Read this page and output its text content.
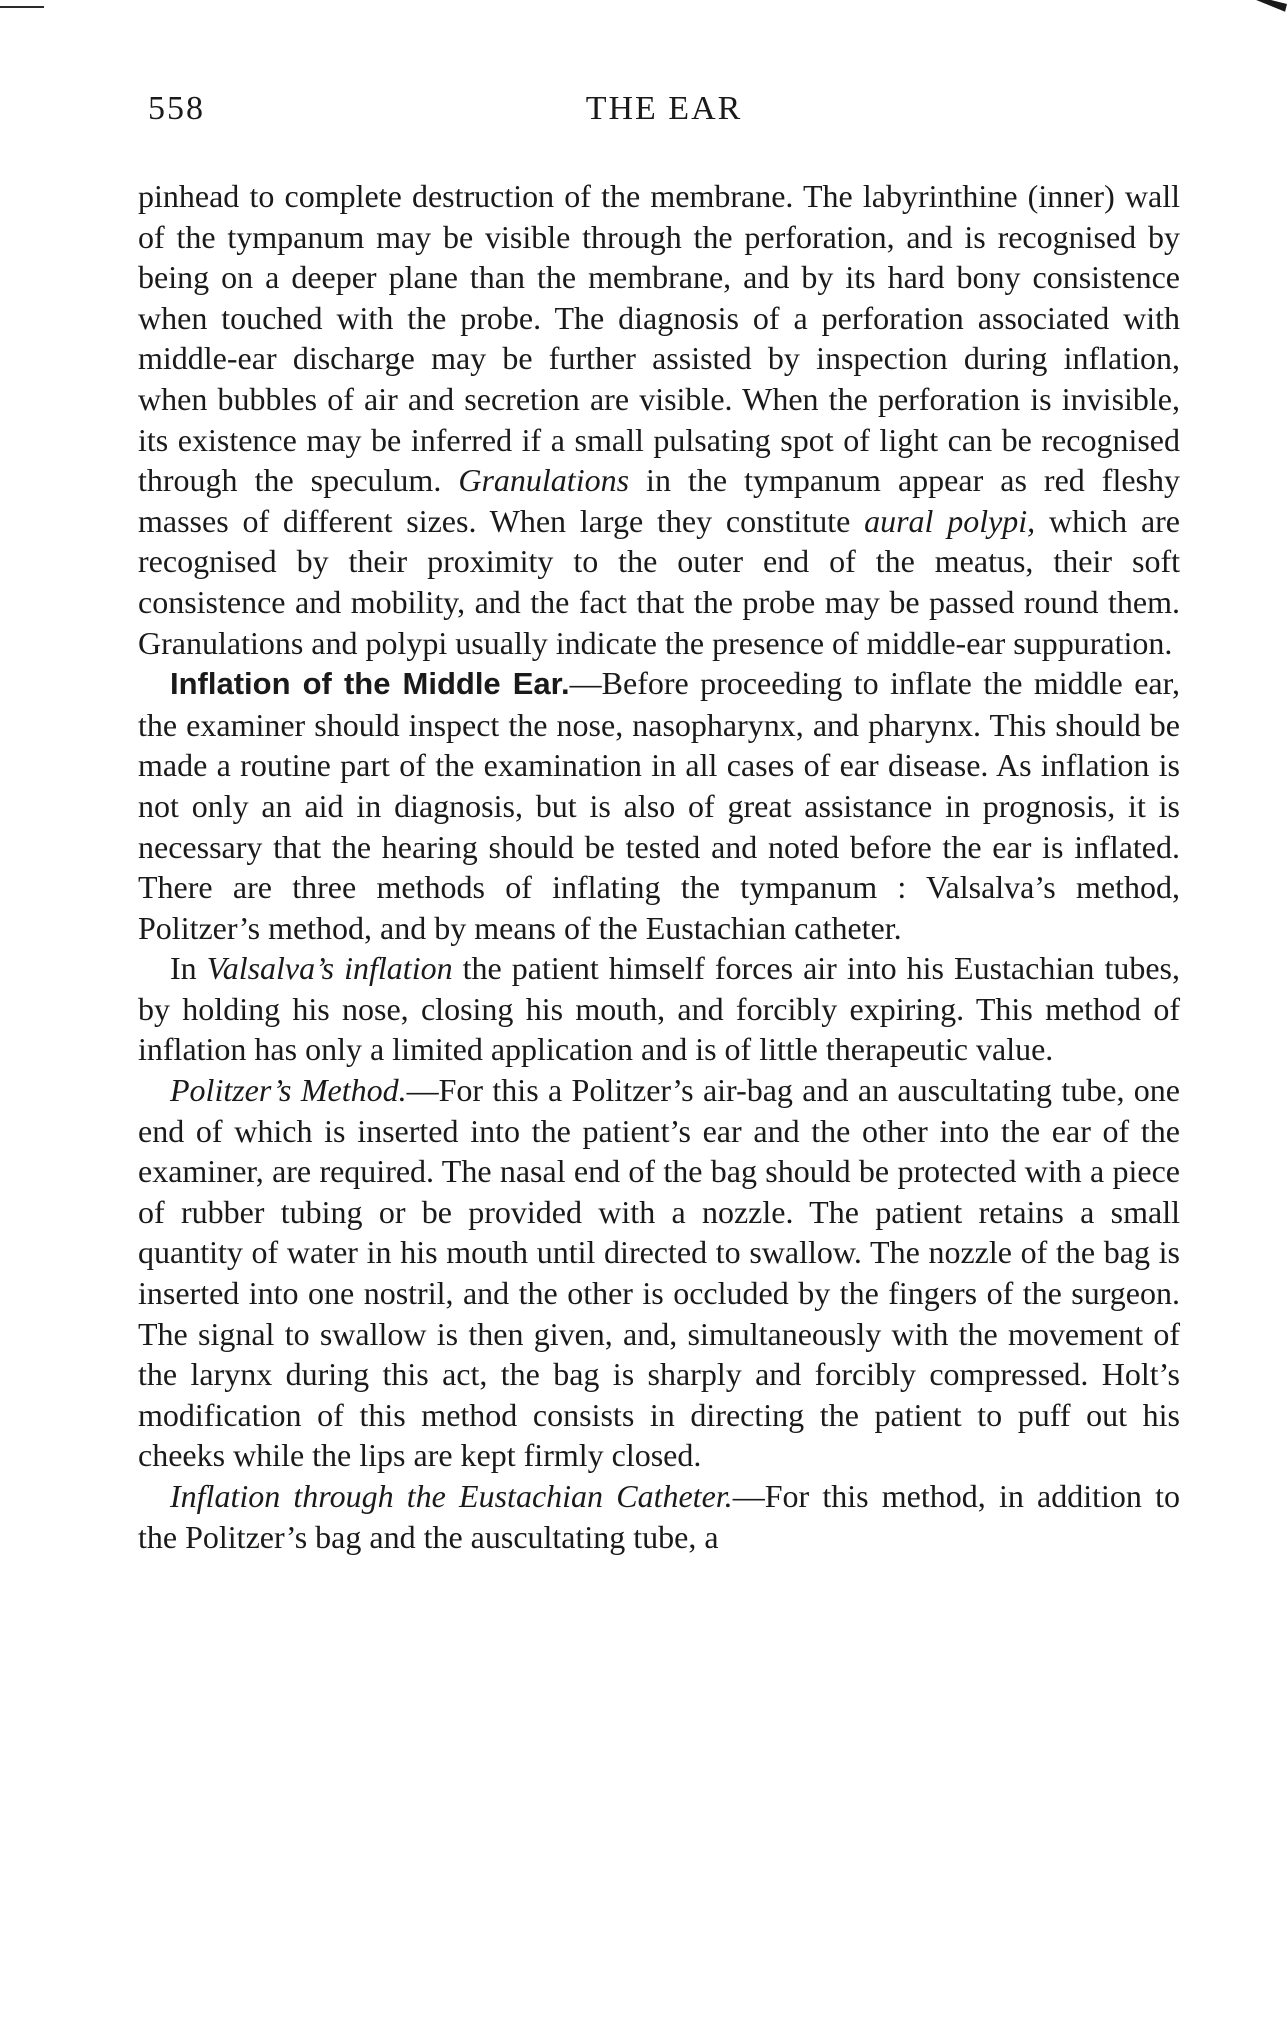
558	THE EAR

pinhead to complete destruction of the membrane. The labyrinthine (inner) wall of the tympanum may be visible through the perforation, and is recognised by being on a deeper plane than the membrane, and by its hard bony consistence when touched with the probe. The diagnosis of a perforation associated with middle-ear discharge may be further assisted by inspection during inflation, when bubbles of air and secretion are visible. When the perforation is invisible, its existence may be inferred if a small pulsating spot of light can be recognised through the speculum. Granulations in the tympanum appear as red fleshy masses of different sizes. When large they constitute aural polypi, which are recognised by their proximity to the outer end of the meatus, their soft consistence and mobility, and the fact that the probe may be passed round them. Granulations and polypi usually indicate the presence of middle-ear suppuration.

Inflation of the Middle Ear.—Before proceeding to inflate the middle ear, the examiner should inspect the nose, nasopharynx, and pharynx. This should be made a routine part of the examination in all cases of ear disease. As inflation is not only an aid in diagnosis, but is also of great assistance in prognosis, it is necessary that the hearing should be tested and noted before the ear is inflated. There are three methods of inflating the tympanum : Valsalva’s method, Politzer’s method, and by means of the Eustachian catheter.

In Valsalva’s inflation the patient himself forces air into his Eustachian tubes, by holding his nose, closing his mouth, and forcibly expiring. This method of inflation has only a limited application and is of little therapeutic value.

Politzer’s Method.—For this a Politzer’s air-bag and an auscultating tube, one end of which is inserted into the patient’s ear and the other into the ear of the examiner, are required. The nasal end of the bag should be protected with a piece of rubber tubing or be provided with a nozzle. The patient retains a small quantity of water in his mouth until directed to swallow. The nozzle of the bag is inserted into one nostril, and the other is occluded by the fingers of the surgeon. The signal to swallow is then given, and, simultaneously with the movement of the larynx during this act, the bag is sharply and forcibly compressed. Holt’s modification of this method consists in directing the patient to puff out his cheeks while the lips are kept firmly closed.

Inflation through the Eustachian Catheter.—For this method, in addition to the Politzer’s bag and the auscultating tube, a
